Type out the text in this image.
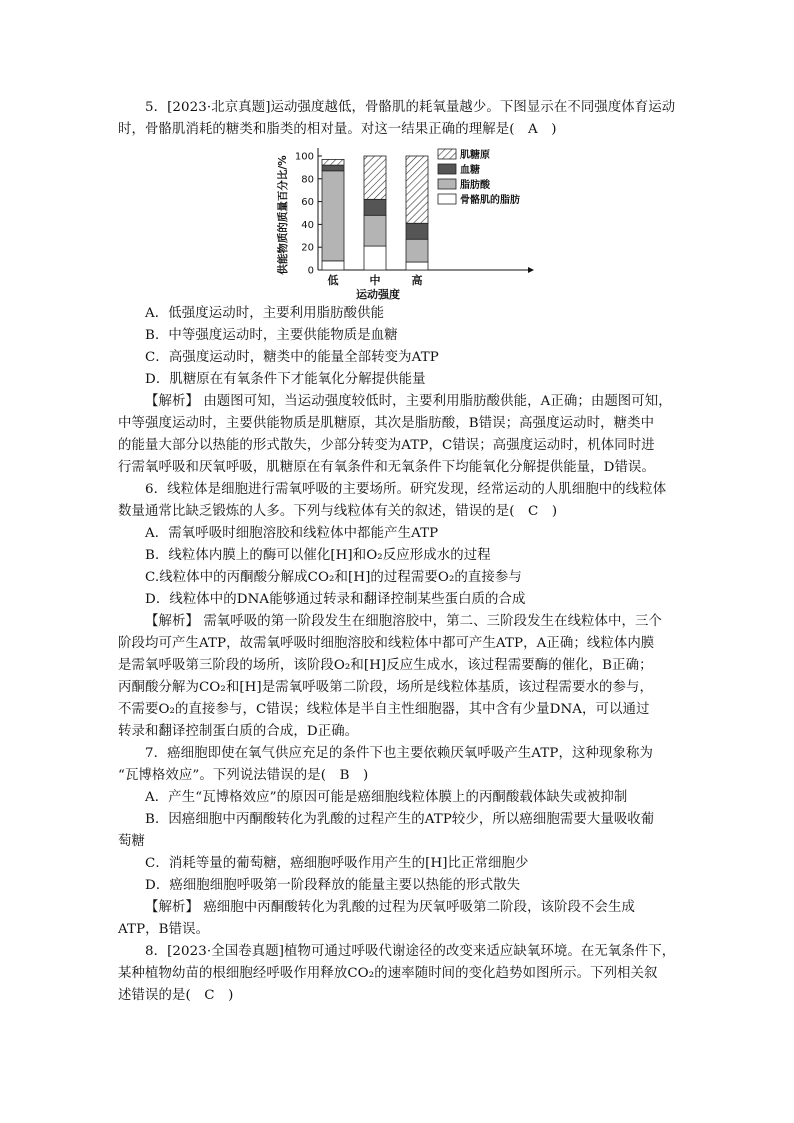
5．[2023·北京真题]运动强度越低，骨骼肌的耗氧量越少。下图显示在不同强度体育运动
时，骨骼肌消耗的糖类和脂类的相对量。对这一结果正确的理解是(　A　)
供能物质的质量百分比/% 0
20
40
60
80
100
低	中	高
运动强度
肌糖原
血糖
脂肪酸
骨骼肌的脂肪
A．低强度运动时，主要利用脂肪酸供能
B．中等强度运动时，主要供能物质是血糖
C．高强度运动时，糖类中的能量全部转变为ATP
D．肌糖原在有氧条件下才能氧化分解提供能量
【解析】 由题图可知，当运动强度较低时，主要利用脂肪酸供能，A正确；由题图可知，
中等强度运动时，主要供能物质是肌糖原，其次是脂肪酸，B错误；高强度运动时，糖类中
的能量大部分以热能的形式散失，少部分转变为ATP，C错误；高强度运动时，机体同时进
行需氧呼吸和厌氧呼吸，肌糖原在有氧条件和无氧条件下均能氧化分解提供能量，D错误。
6．线粒体是细胞进行需氧呼吸的主要场所。研究发现，经常运动的人肌细胞中的线粒体
数量通常比缺乏锻炼的人多。下列与线粒体有关的叙述，错误的是(　C　)
A．需氧呼吸时细胞溶胶和线粒体中都能产生ATP
B．线粒体内膜上的酶可以催化[H]和O₂反应形成水的过程
C.线粒体中的丙酮酸分解成CO₂和[H]的过程需要O₂的直接参与
D．线粒体中的DNA能够通过转录和翻译控制某些蛋白质的合成
【解析】 需氧呼吸的第一阶段发生在细胞溶胶中，第二、三阶段发生在线粒体中，三个
阶段均可产生ATP，故需氧呼吸时细胞溶胶和线粒体中都可产生ATP，A正确；线粒体内膜
是需氧呼吸第三阶段的场所，该阶段O₂和[H]反应生成水，该过程需要酶的催化，B正确；
丙酮酸分解为CO₂和[H]是需氧呼吸第二阶段，场所是线粒体基质，该过程需要水的参与，
不需要O₂的直接参与，C错误；线粒体是半自主性细胞器，其中含有少量DNA，可以通过
转录和翻译控制蛋白质的合成，D正确。
7．癌细胞即使在氧气供应充足的条件下也主要依赖厌氧呼吸产生ATP，这种现象称为
“瓦博格效应”。下列说法错误的是(　B　)
A．产生“瓦博格效应”的原因可能是癌细胞线粒体膜上的丙酮酸载体缺失或被抑制
B．因癌细胞中丙酮酸转化为乳酸的过程产生的ATP较少，所以癌细胞需要大量吸收葡
萄糖
C．消耗等量的葡萄糖，癌细胞呼吸作用产生的[H]比正常细胞少
D．癌细胞细胞呼吸第一阶段释放的能量主要以热能的形式散失
【解析】 癌细胞中丙酮酸转化为乳酸的过程为厌氧呼吸第二阶段，该阶段不会生成
ATP，B错误。
8．[2023·全国卷真题]植物可通过呼吸代谢途径的改变来适应缺氧环境。在无氧条件下，
某种植物幼苗的根细胞经呼吸作用释放CO₂的速率随时间的变化趋势如图所示。下列相关叙
述错误的是(　C　)
